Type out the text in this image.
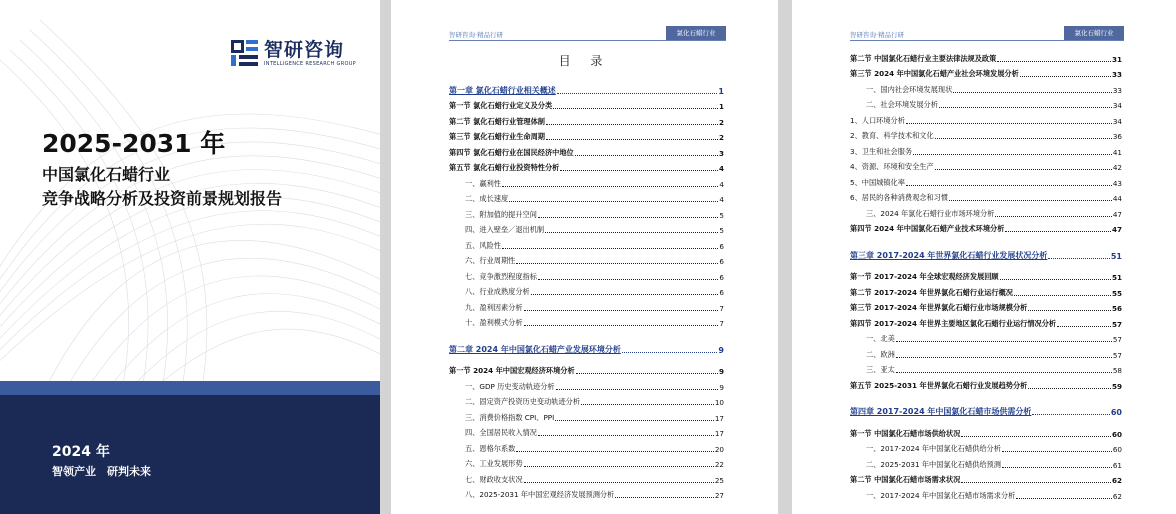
智研咨询
INTELLIGENCE RESEARCH GROUP
2025-2031 年
中国氯化石蜡行业
竞争战略分析及投资前景规划报告
2024 年
智领产业　研判未来
智研咨询·精品行研	氯化石蜡行业
目 录
第一章 氯化石蜡行业相关概述	1
第一节 氯化石蜡行业定义及分类	1
第二节 氯化石蜡行业管理体制	2
第三节 氯化石蜡行业生命周期	2
第四节 氯化石蜡行业在国民经济中地位	3
第五节 氯化石蜡行业投资特性分析	4
一、赢利性	4
二、成长速度	4
三、附加值的提升空间	5
四、进入壁垒／退出机制	5
五、风险性	6
六、行业周期性	6
七、竞争激烈程度指标	6
八、行业成熟度分析	6
九、盈利因素分析	7
十、盈利模式分析	7
第二章 2024 年中国氯化石蜡产业发展环境分析	9
第一节 2024 年中国宏观经济环境分析	9
一、GDP 历史变动轨迹分析	9
二、固定资产投资历史变动轨迹分析	10
三、消费价格指数 CPI、PPI	17
四、全国居民收入情况	17
五、恩格尔系数	20
六、工业发展形势	22
七、财政收支状况	25
八、2025-2031 年中国宏观经济发展预测分析	27
智研咨询·精品行研	氯化石蜡行业
第二节 中国氯化石蜡行业主要法律法规及政策	31
第三节 2024 年中国氯化石蜡产业社会环境发展分析	33
一、国内社会环境发展现状	33
二、社会环境发展分析	34
1、人口环境分析	34
2、教育、科学技术和文化	36
3、卫生和社会服务	41
4、资源、环境和安全生产	42
5、中国城镇化率	43
6、居民的各种消费观念和习惯	44
三、2024 年氯化石蜡行业市场环境分析	47
第四节 2024 年中国氯化石蜡产业技术环境分析	47
第三章 2017-2024 年世界氯化石蜡行业发展状况分析	51
第一节 2017-2024 年全球宏观经济发展回顾	51
第二节 2017-2024 年世界氯化石蜡行业运行概况	55
第三节 2017-2024 年世界氯化石蜡行业市场规模分析	56
第四节 2017-2024 年世界主要地区氯化石蜡行业运行情况分析	57
一、北美	57
二、欧洲	57
三、亚太	58
第五节 2025-2031 年世界氯化石蜡行业发展趋势分析	59
第四章 2017-2024 年中国氯化石蜡市场供需分析	60
第一节 中国氯化石蜡市场供给状况	60
一、2017-2024 年中国氯化石蜡供给分析	60
二、2025-2031 年中国氯化石蜡供给预测	61
第二节 中国氯化石蜡市场需求状况	62
一、2017-2024 年中国氯化石蜡市场需求分析	62
